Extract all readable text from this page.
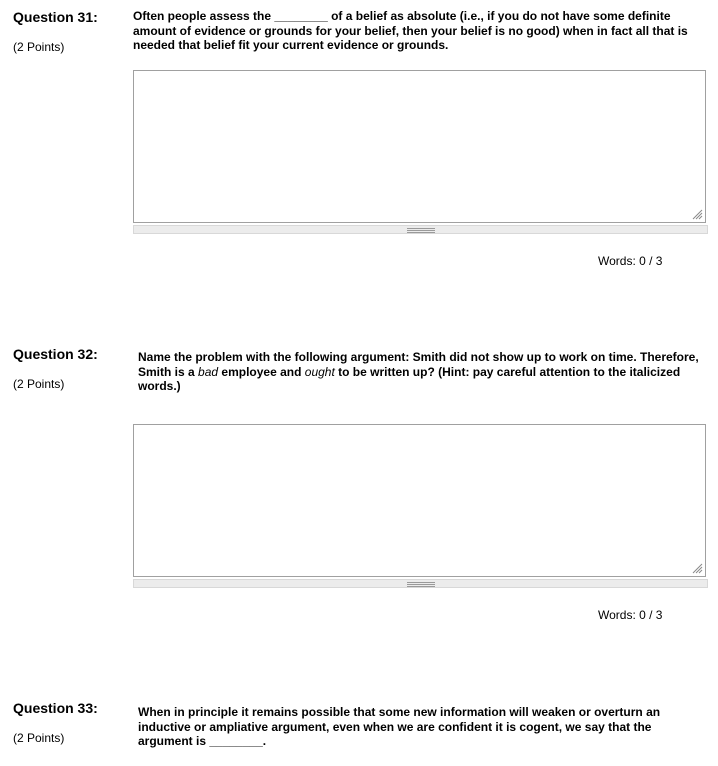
Question 31:
(2 Points)
Often people assess the ________ of a belief as absolute (i.e., if you do not have some definite amount of evidence or grounds for your belief, then your belief is no good) when in fact all that is needed that belief fit your current evidence or grounds.
Words: 0 / 3
Question 32:
(2 Points)
Name the problem with the following argument: Smith did not show up to work on time. Therefore, Smith is a bad employee and ought to be written up? (Hint: pay careful attention to the italicized words.)
Words: 0 / 3
Question 33:
(2 Points)
When in principle it remains possible that some new information will weaken or overturn an inductive or ampliative argument, even when we are confident it is cogent, we say that the argument is ________.
